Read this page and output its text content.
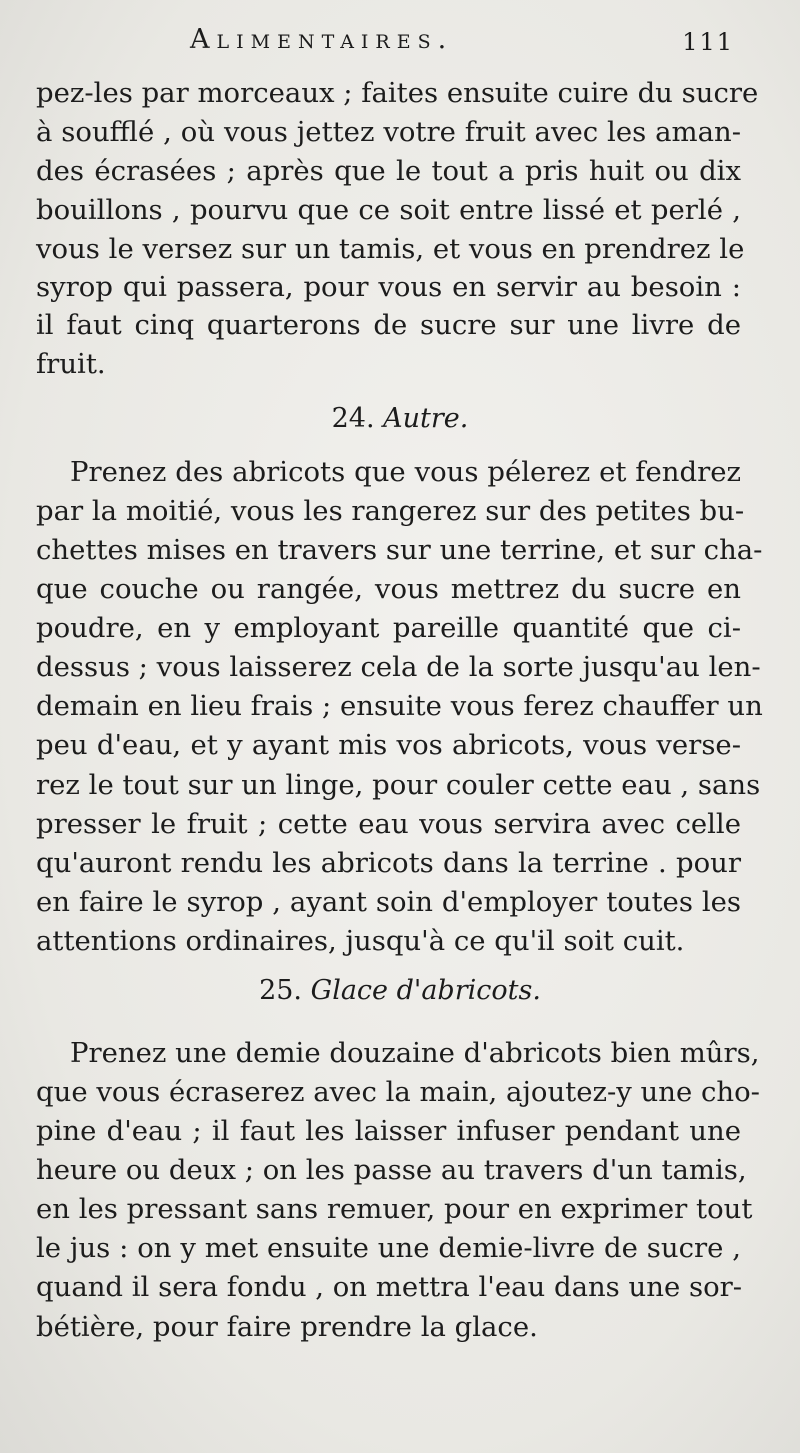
Alimentaires.	111
pez-les par morceaux ; faites ensuite cuire du sucre
à soufflé , où vous jettez votre fruit avec les aman-
des écrasées ; après que le tout a pris huit ou dix
bouillons , pourvu que ce soit entre lissé et perlé ,
vous le versez sur un tamis, et vous en prendrez le
syrop qui passera, pour vous en servir au besoin :
il faut cinq quarterons de sucre sur une livre de
fruit.
24. Autre.
Prenez des abricots que vous pélerez et fendrez
par la moitié, vous les rangerez sur des petites bu-
chettes mises en travers sur une terrine, et sur cha-
que couche ou rangée, vous mettrez du sucre en
poudre, en y employant pareille quantité que ci-
dessus ; vous laisserez cela de la sorte jusqu'au len-
demain en lieu frais ; ensuite vous ferez chauffer un
peu d'eau, et y ayant mis vos abricots, vous verse-
rez le tout sur un linge, pour couler cette eau , sans
presser le fruit ; cette eau vous servira avec celle
qu'auront rendu les abricots dans la terrine . pour
en faire le syrop , ayant soin d'employer toutes les
attentions ordinaires, jusqu'à ce qu'il soit cuit.
25. Glace d'abricots.
Prenez une demie douzaine d'abricots bien mûrs,
que vous écraserez avec la main, ajoutez-y une cho-
pine d'eau ; il faut les laisser infuser pendant une
heure ou deux ; on les passe au travers d'un tamis,
en les pressant sans remuer, pour en exprimer tout
le jus : on y met ensuite une demie-livre de sucre ,
quand il sera fondu , on mettra l'eau dans une sor-
bétière, pour faire prendre la glace.
